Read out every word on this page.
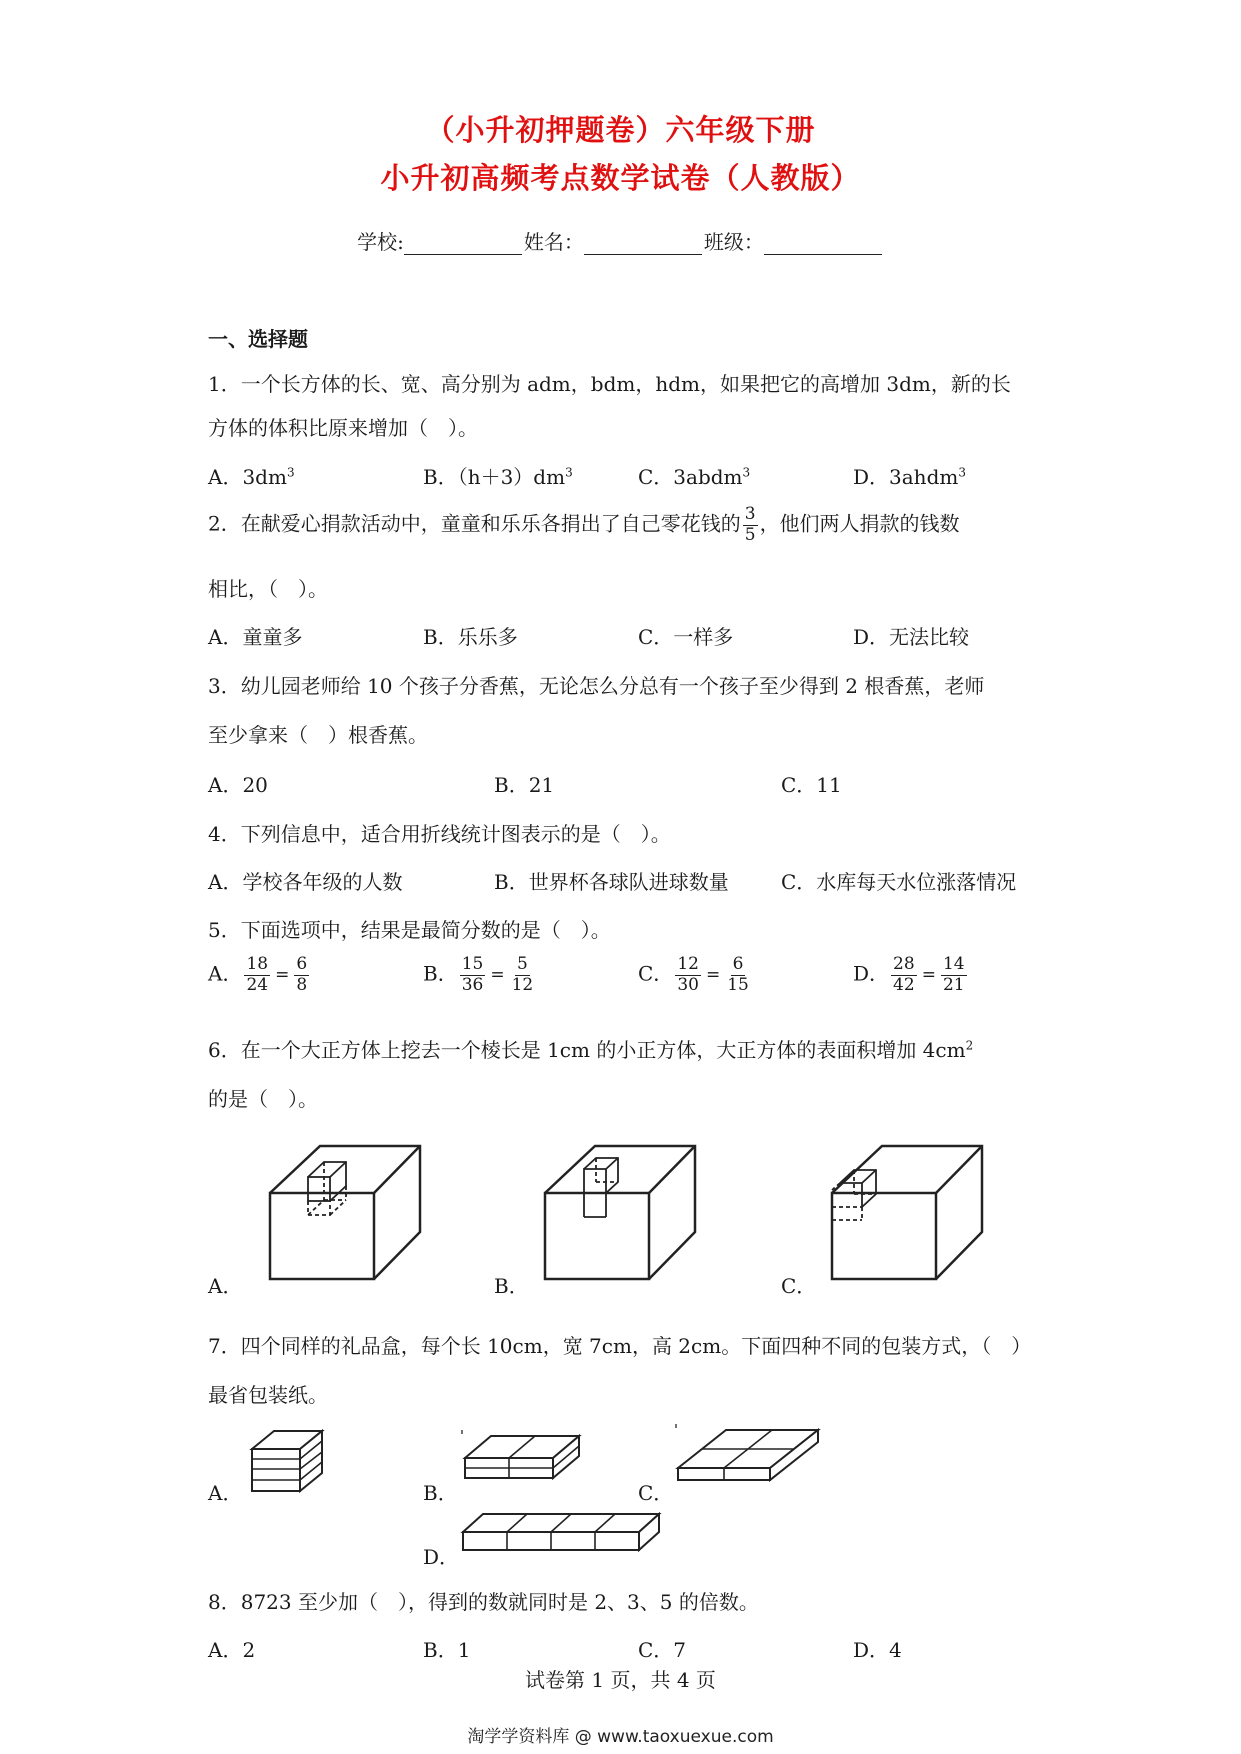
（小升初押题卷）六年级下册
小升初高频考点数学试卷（人教版）
学校:	姓名：	班级：
一、选择题
1．一个长方体的长、宽、高分别为 adm，bdm，hdm，如果把它的高增加 3dm，新的长
方体的体积比原来增加（　）。
A．$3dm^3$	B．$(h+3)dm^3$	C．3abdm$^3$	D．3ahdm$^3$
2．在献爱心捐款活动中，童童和乐乐各捐出了自己零花钱的 $\frac{3}{5}$ ，他们两人捐款的钱数
相比，（　）。
A．童童多	B．乐乐多	C．一样多	D．无法比较
3．幼儿园老师给 10 个孩子分香蕉，无论怎么分总有一个孩子至少得到 2 根香蕉，老师
至少拿来（　）根香蕉。
A．20	B．21	C．11
4．下列信息中，适合用折线统计图表示的是（　）。
A．学校各年级的人数	B．世界杯各球队进球数量	C．水库每天水位涨落情况
5．下面选项中，结果是最简分数的是（　）。
A． $\frac{18}{24} = \frac{6}{8}$	B． $\frac{15}{36} = \frac{5}{12}$	C． $\frac{12}{30} = \frac{6}{15}$	D． $\frac{28}{42} = \frac{14}{21}$
6．在一个大正方体上挖去一个棱长是 1cm 的小正方体，大正方体的表面积增加 $4cm^2$
的是（　）。
A．	B．	C．
7．四个同样的礼品盒，每个长 10cm，宽 7cm，高 2cm。下面四种不同的包装方式，（　）
最省包装纸。
A．	B．	C．
D．
8．8723 至少加（　），得到的数就同时是 2、3、5 的倍数。
A．2	B．1	C．7	D．4
试卷第 1 页，共 4 页
淘学学资料库 @ www.taoxuexue.com
